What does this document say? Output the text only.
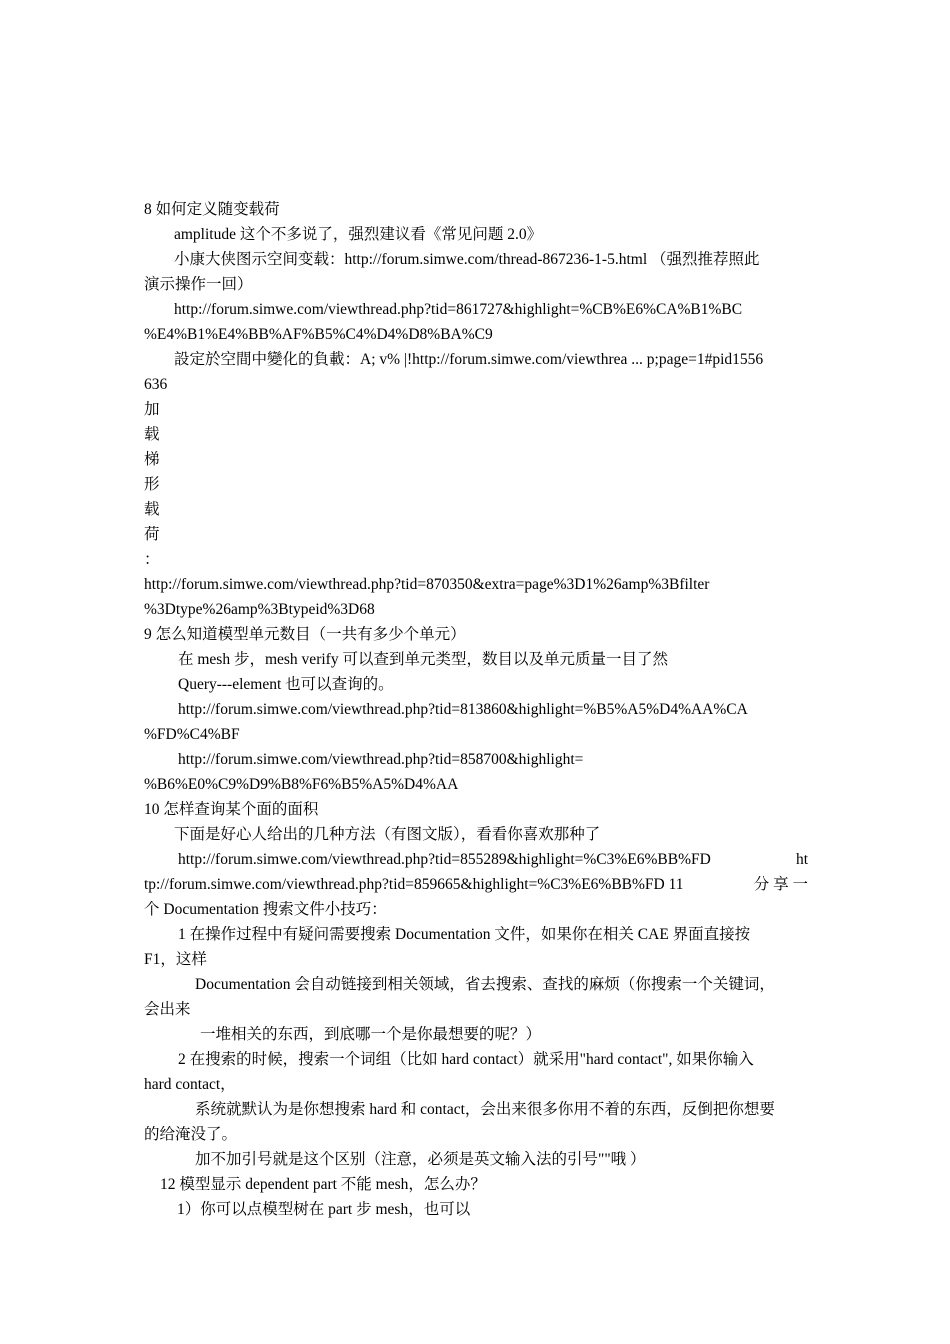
8 如何定义随变载荷
amplitude 这个不多说了，强烈建议看《常见问题 2.0》
小康大侠图示空间变载：http://forum.simwe.com/thread-867236-1-5.html （强烈推荐照此
演示操作一回）
http://forum.simwe.com/viewthread.php?tid=861727&highlight=%CB%E6%CA%B1%BC
%E4%B1%E4%BB%AF%B5%C4%D4%D8%BA%C9
設定於空間中變化的負載：A; v% |!http://forum.simwe.com/viewthrea ... p;page=1#pid1556
636
加
载
梯
形
载
荷
：
http://forum.simwe.com/viewthread.php?tid=870350&extra=page%3D1%26amp%3Bfilter
%3Dtype%26amp%3Btypeid%3D68
9 怎么知道模型单元数目（一共有多少个单元）
在 mesh 步，mesh verify 可以查到单元类型，数目以及单元质量一目了然
Query---element 也可以查询的。
http://forum.simwe.com/viewthread.php?tid=813860&highlight=%B5%A5%D4%AA%CA
%FD%C4%BF
http://forum.simwe.com/viewthread.php?tid=858700&highlight=
%B6%E0%C9%D9%B8%F6%B5%A5%D4%AA
10 怎样查询某个面的面积
下面是好心人给出的几种方法（有图文版），看看你喜欢那种了
http://forum.simwe.com/viewthread.php?tid=855289&highlight=%C3%E6%BB%FD	ht
tp://forum.simwe.com/viewthread.php?tid=859665&highlight=%C3%E6%BB%FD 11	分 享 一
个 Documentation 搜索文件小技巧：
1 在操作过程中有疑问需要搜索 Documentation 文件，如果你在相关 CAE 界面直接按
F1，这样
Documentation 会自动链接到相关领域，省去搜索、查找的麻烦（你搜索一个关键词，
会出来
一堆相关的东西，到底哪一个是你最想要的呢？）
2 在搜索的时候，搜索一个词组（比如 hard contact）就采用"hard contact", 如果你输入
hard contact，
系统就默认为是你想搜索 hard 和 contact，会出来很多你用不着的东西，反倒把你想要
的给淹没了。
加不加引号就是这个区别（注意，必须是英文输入法的引号""哦 ）
12 模型显示 dependent part 不能 mesh，怎么办？
1）你可以点模型树在 part 步 mesh，也可以
